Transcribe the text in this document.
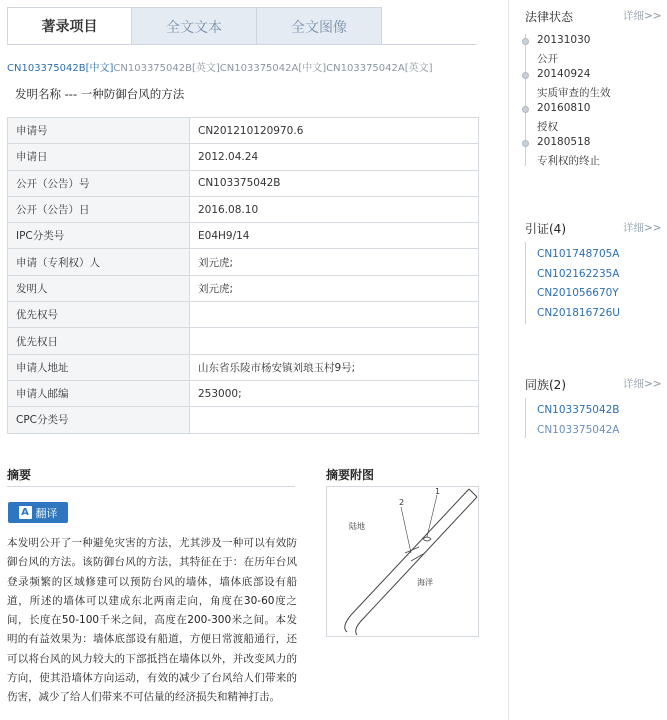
著录项目	全文文本	全文图像
CN103375042B[中文]CN103375042B[英文]CN103375042A[中文]CN103375042A[英文]
发明名称 --- 一种防御台风的方法
申请号	CN201210120970.6
申请日	2012.04.24
公开（公告）号	CN103375042B
公开（公告）日	2016.08.10
IPC分类号	E04H9/14
申请（专利权）人	刘元虎;
发明人	刘元虎;
优先权号	
优先权日	
申请人地址	山东省乐陵市杨安镇刘琅玉村9号;
申请人邮编	253000;
CPC分类号	
摘要
A 翻译
本发明公开了一种避免灾害的方法，尤其涉及一种可以有效防御台风的方法。该防御台风的方法，其特征在于：在历年台风登录频繁的区域修建可以预防台风的墙体，墙体底部设有船道，所述的墙体可以建成东北两南走向，角度在30-60度之间，长度在50-100千米之间，高度在200-300米之间。本发明的有益效果为：墙体底部设有船道，方便日常渡船通行，还可以将台风的风力较大的下部抵挡在墙体以外，并改变风力的方向，使其沿墙体方向运动，有效的减少了台风给人们带来的伤害，减少了给人们带来不可估量的经济损失和精神打击。
摘要附图
2
1
陆地
海洋
法律状态	详细>>
20131030
公开
20140924
实质审查的生效
20160810
授权
20180518
专利权的终止
引证(4)	详细>>
CN101748705A
CN102162235A
CN201056670Y
CN201816726U
同族(2)	详细>>
CN103375042B
CN103375042A
